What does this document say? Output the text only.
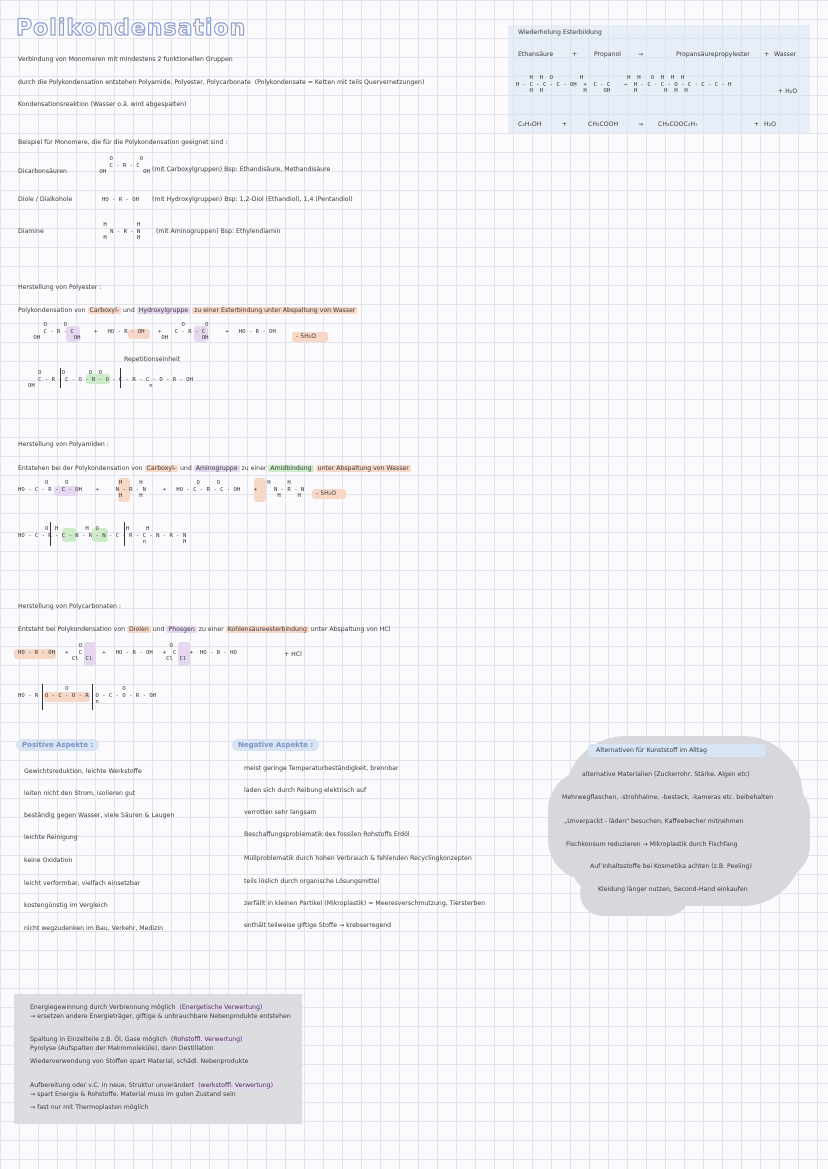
Polikondensation
Verbindung von Monomeren mit mindestens 2 funktionellen Gruppen
durch die Polykondensation entstehen Polyamide, Polyester, Polycarbonate (Polykondensate = Ketten mit teils Quervernetzungen)
Kondensationsreaktion (Wasser o.ä. wird abgespalten)
Wiederholung Esterbildung
Ethansäure	+	Propanol	→	Propansäurepropylester + Wasser
H  H  O        H             H  H   O  H  H  H
H - C - C - C - OH  +  C - C    →  H - C - C - O - C - C - C - H
H  H            H     OH       H        H  H  H	+ H₂O
C₂H₅OH	+	CH₃COOH	→ CH₃COOC₃H₇	+ H₂O
Beispiel für Monomere, die für die Polykondensation geeignet sind :
Dicarbonsäuren
O        O
C - R - C
OH           OH (mit Carboxylgruppen) Bsp: Ethandisäure, Methandisäure
Diole / Dialkohole	HO - R - OH (mit Hydroxylgruppen) Bsp: 1,2-Diol (Ethandiol), 1,4 (Pentandiol)
Diamine
H         H
N - R - N
H         H
(mit Aminogruppen) Bsp: Ethylendiamin
Herstellung von Polyester :
Polykondensation von Carboxyl- und Hydroxylgruppe zu einer Esterbindung unter Abspaltung von Wasser
O     O                                  O      O
C - R - C      +   HO - R - OH    +    C - R - C      +   HO - R - OH
OH          OH                        OH          OH	- 5H₂O
Repetitionseinheit
O      O       O  O
C - R - C - O - R - O - C - R - C - O - R - OH
OH                                  n
Herstellung von Polyamiden :
Entstehen bei der Polykondensation von Carboxyl- und Aminogruppe zu einer Amidbindung unter Abspaltung von Wasser
O     O               H     H                O     O              H     H
HO - C - R - C - OH    +     N - R - N     +   HO - C - R - C - OH    +     N - R - N
H     H                                        H     H	- 5H₂O
O  H        H  O        H     H
HO - C - R - C - N - R - N - C - R - C - N - R - N
n           H
Herstellung von Polycarbonaten :
Entsteht bei Polykondensation von Diolen und Phosgen zu einer Kohlensäureesterbindung unter Abspaltung von HCl
O                          O
HO - R - OH   +   C      +   HO - R - OH   +  C    +  HO - R - HO
Cl  Cl                      Cl  Cl
+ HCl
O                O
HO - R  O - C - O - R  O - C - O - R - OH
n
Positive Aspekte :	Negative Aspekte :
Alternativen für Kunststoff im Alltag
Energiegewinnung durch Verbrennung möglich (Energetische Verwertung)
→ ersetzen andere Energieträger, giftige & unbrauchbare Nebenprodukte entstehen
Spaltung in Einzelteile z.B. Öl, Gase möglich (Rohstoffl. Verwertung)
Pyrolyse (Aufspalten der Makromoleküle), dann Destillation
Wiederverwendung von Stoffen spart Material, schädl. Nebenprodukte
Aufbereitung oder v.C. in neue, Struktur unverändert (werkstoffl. Verwertung)
→ spart Energie & Rohstoffe, Material muss im guten Zustand sein
→ fast nur mit Thermoplasten möglich
Gewichtsreduktion, leichte Werkstoffe
leiten nicht den Strom, isolieren gut
beständig gegen Wasser, viele Säuren & Laugen
leichte Reinigung
keine Oxidation
leicht verformbar, vielfach einsetzbar
kostengünstig im Vergleich
nicht wegzudenken im Bau, Verkehr, Medizin
meist geringe Temperaturbeständigkeit, brennbar
laden sich durch Reibung elektrisch auf
verrotten sehr langsam
Beschaffungsproblematik des fossilen Rohstoffs Erdöl
Müllproblematik durch hohen Verbrauch & fehlenden Recyclingkonzepten
teils löslich durch organische Lösungsmittel
zerfällt in kleinen Partikel (Mikroplastik) = Meeresverschmutzung, Tiersterben
enthält teilweise giftige Stoffe → krebserregend
alternative Materialien (Zuckerrohr, Stärke, Algen etc)
Mehrwegflaschen, -strohhalme, -besteck, -kameras etc. beibehalten
„Unverpackt - läden" besuchen, Kaffeebecher mitnehmen
Fischkonsum reduzieren → Mikroplastik durch Fischfang
Auf Inhaltsstoffe bei Kosmetika achten (z.B. Peeling)
Kleidung länger nutzen, Second-Hand einkaufen
